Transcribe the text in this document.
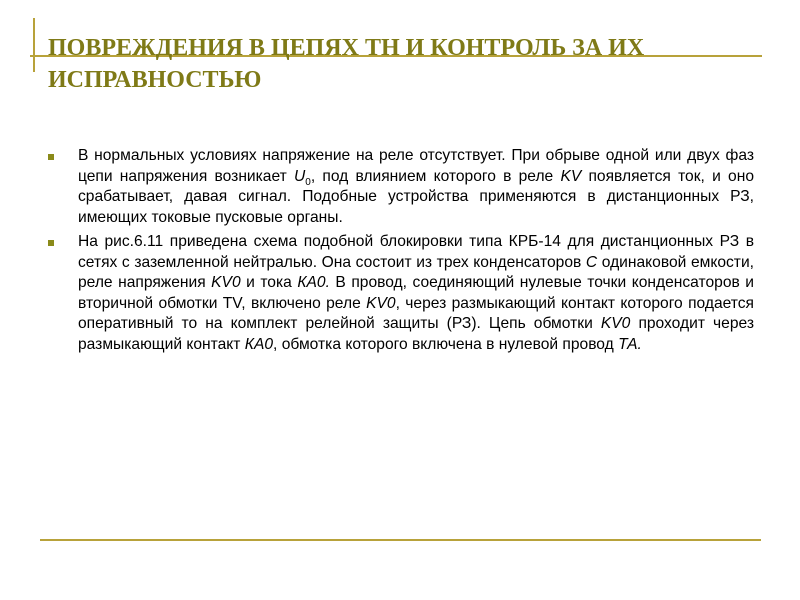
ПОВРЕЖДЕНИЯ В ЦЕПЯХ ТН И КОНТРОЛЬ ЗА ИХ ИСПРАВНОСТЬЮ
В нормальных условиях напряжение на реле отсутствует. При обрыве одной или двух фаз цепи напряжения возникает $U_0$, под влиянием которого в реле KV появляется ток, и оно срабатывает, давая сигнал. Подобные устройства применяются в дистанционных РЗ, имеющих токовые пусковые органы.
На рис.6.11 приведена схема подобной блокировки типа КРБ-14 для дистанционных РЗ в сетях с заземленной нейтралью. Она состоит из трех конденсаторов С одинаковой емкости, реле напряжения KV0 и тока КА0. В провод, соединяющий нулевые точки конденсаторов и вторичной обмотки TV, включено реле KV0, через размыкающий контакт которого подается оперативный то на комплект релейной защиты (РЗ). Цепь обмотки KV0 проходит через размыкающий контакт КА0, обмотка которого включена в нулевой провод ТА.
